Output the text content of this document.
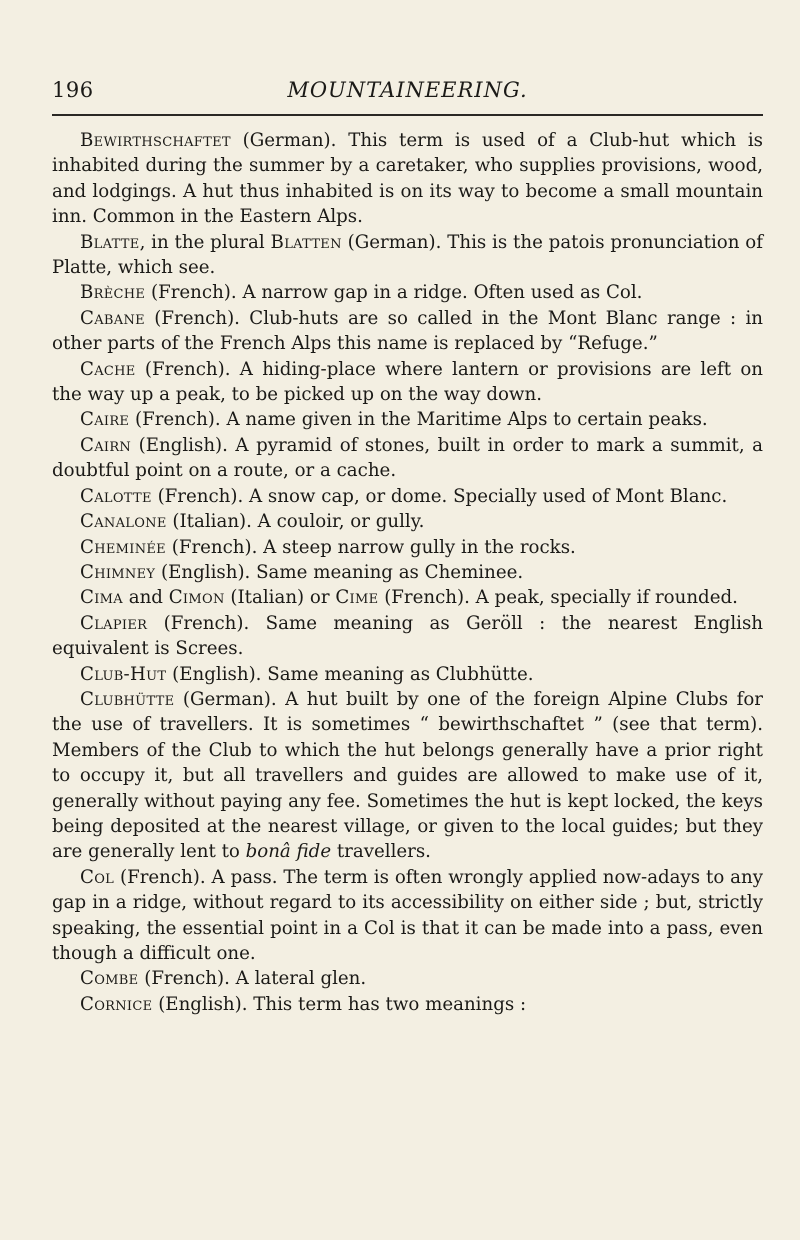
196	MOUNTAINEERING.

Bewirthschaftet (German). This term is used of a Club-hut which is inhabited during the summer by a caretaker, who supplies provisions, wood, and lodgings. A hut thus inhabited is on its way to become a small mountain inn. Common in the Eastern Alps.

Blatte, in the plural Blatten (German). This is the patois pronunciation of Platte, which see.

Brèche (French). A narrow gap in a ridge. Often used as Col.

Cabane (French). Club-huts are so called in the Mont Blanc range : in other parts of the French Alps this name is replaced by “Refuge.”

Cache (French). A hiding-place where lantern or provisions are left on the way up a peak, to be picked up on the way down.

Caire (French). A name given in the Maritime Alps to certain peaks.

Cairn (English). A pyramid of stones, built in order to mark a summit, a doubtful point on a route, or a cache.

Calotte (French). A snow cap, or dome. Specially used of Mont Blanc.

Canalone (Italian). A couloir, or gully.

Cheminée (French). A steep narrow gully in the rocks.

Chimney (English). Same meaning as Cheminee.

Cima and Cimon (Italian) or Cime (French). A peak, specially if rounded.

Clapier (French). Same meaning as Geröll : the nearest English equivalent is Screes.

Club-Hut (English). Same meaning as Clubhütte.

Clubhütte (German). A hut built by one of the foreign Alpine Clubs for the use of travellers. It is sometimes “ bewirthschaftet ” (see that term). Members of the Club to which the hut belongs generally have a prior right to occupy it, but all travellers and guides are allowed to make use of it, generally without paying any fee. Sometimes the hut is kept locked, the keys being deposited at the nearest village, or given to the local guides; but they are generally lent to bonâ fide travellers.

Col (French). A pass. The term is often wrongly applied now-adays to any gap in a ridge, without regard to its accessibility on either side ; but, strictly speaking, the essential point in a Col is that it can be made into a pass, even though a difficult one.

Combe (French). A lateral glen.

Cornice (English). This term has two meanings :
